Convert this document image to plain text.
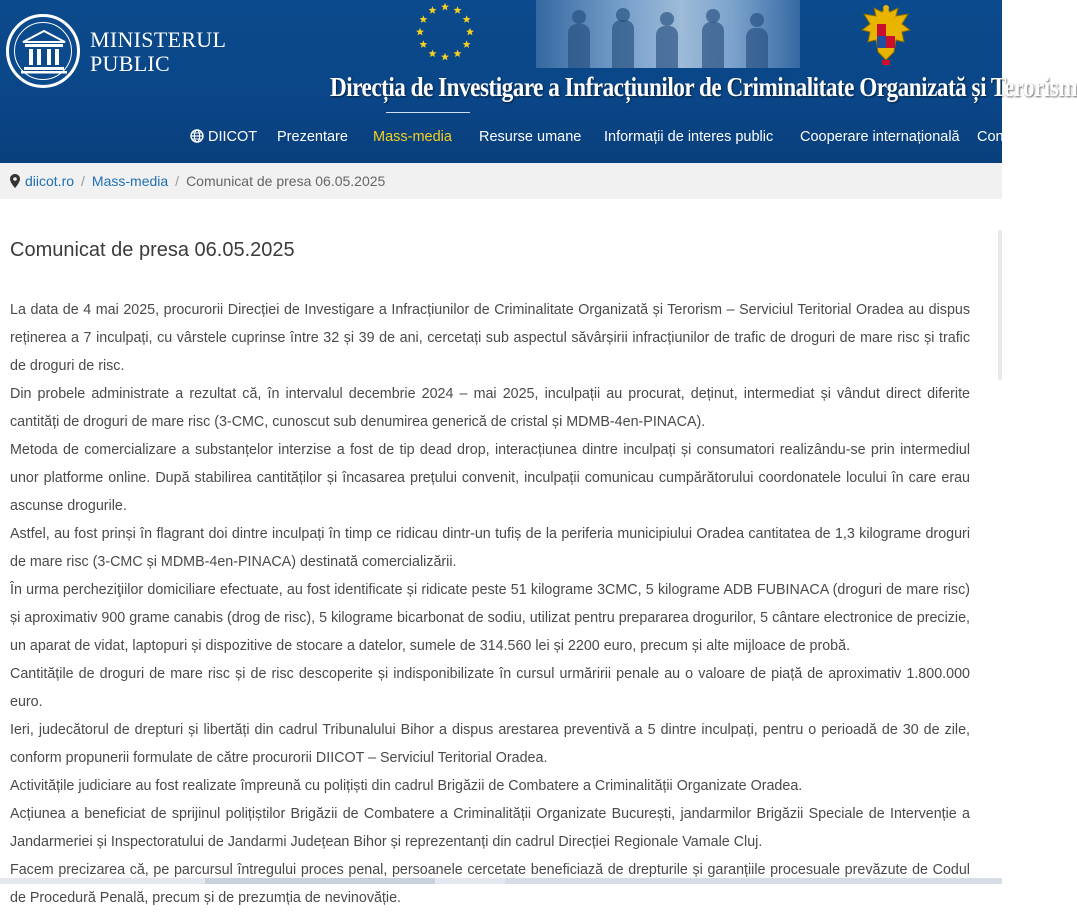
MINISTERUL
PUBLIC
Direcția de Investigare a Infracțiunilor de Criminalitate Organizată și Terorism
DIICOT Prezentare Mass-media Resurse umane Informații de interes public Cooperare internațională Con
diicot.ro / Mass-media / Comunicat de presa 06.05.2025
Comunicat de presa 06.05.2025

La data de 4 mai 2025, procurorii Direcției de Investigare a Infracțiunilor de Criminalitate Organizată și Terorism – Serviciul Teritorial Oradea au dispus reținerea a 7 inculpați, cu vârstele cuprinse între 32 și 39 de ani, cercetați sub aspectul săvârșirii infracțiunilor de trafic de droguri de mare risc și trafic de droguri de risc.

Din probele administrate a rezultat că, în intervalul decembrie 2024 – mai 2025, inculpații au procurat, deținut, intermediat și vândut direct diferite cantități de droguri de mare risc (3-CMC, cunoscut sub denumirea generică de cristal și MDMB-4en-PINACA).

Metoda de comercializare a substanțelor interzise a fost de tip dead drop, interacțiunea dintre inculpați și consumatori realizându-se prin intermediul unor platforme online. După stabilirea cantităților și încasarea prețului convenit, inculpații comunicau cumpărătorului coordonatele locului în care erau ascunse drogurile.

Astfel, au fost prinși în flagrant doi dintre inculpați în timp ce ridicau dintr-un tufiș de la periferia municipiului Oradea cantitatea de 1,3 kilograme droguri de mare risc (3-CMC și MDMB-4en-PINACA) destinată comercializării.

În urma percheziţiilor domiciliare efectuate, au fost identificate și ridicate peste 51 kilograme 3CMC, 5 kilograme ADB FUBINACA (droguri de mare risc) și aproximativ 900 grame canabis (drog de risc), 5 kilograme bicarbonat de sodiu, utilizat pentru prepararea drogurilor, 5 cântare electronice de precizie, un aparat de vidat, laptopuri și dispozitive de stocare a datelor, sumele de 314.560 lei și 2200 euro, precum și alte mijloace de probă.

Cantitățile de droguri de mare risc și de risc descoperite și indisponibilizate în cursul urmăririi penale au o valoare de piață de aproximativ 1.800.000 euro.

Ieri, judecătorul de drepturi și libertăți din cadrul Tribunalului Bihor a dispus arestarea preventivă a 5 dintre inculpați, pentru o perioadă de 30 de zile, conform propunerii formulate de către procurorii DIICOT – Serviciul Teritorial Oradea.

Activitățile judiciare au fost realizate împreună cu polițiști din cadrul Brigăzii de Combatere a Criminalității Organizate Oradea.

Acțiunea a beneficiat de sprijinul polițiștilor Brigăzii de Combatere a Criminalității Organizate București, jandarmilor Brigăzii Speciale de Intervenție a Jandarmeriei și Inspectoratului de Jandarmi Județean Bihor și reprezentanți din cadrul Direcției Regionale Vamale Cluj.

Facem precizarea că, pe parcursul întregului proces penal, persoanele cercetate beneficiază de drepturile și garanțiile procesuale prevăzute de Codul de Procedură Penală, precum și de prezumția de nevinovăție.
